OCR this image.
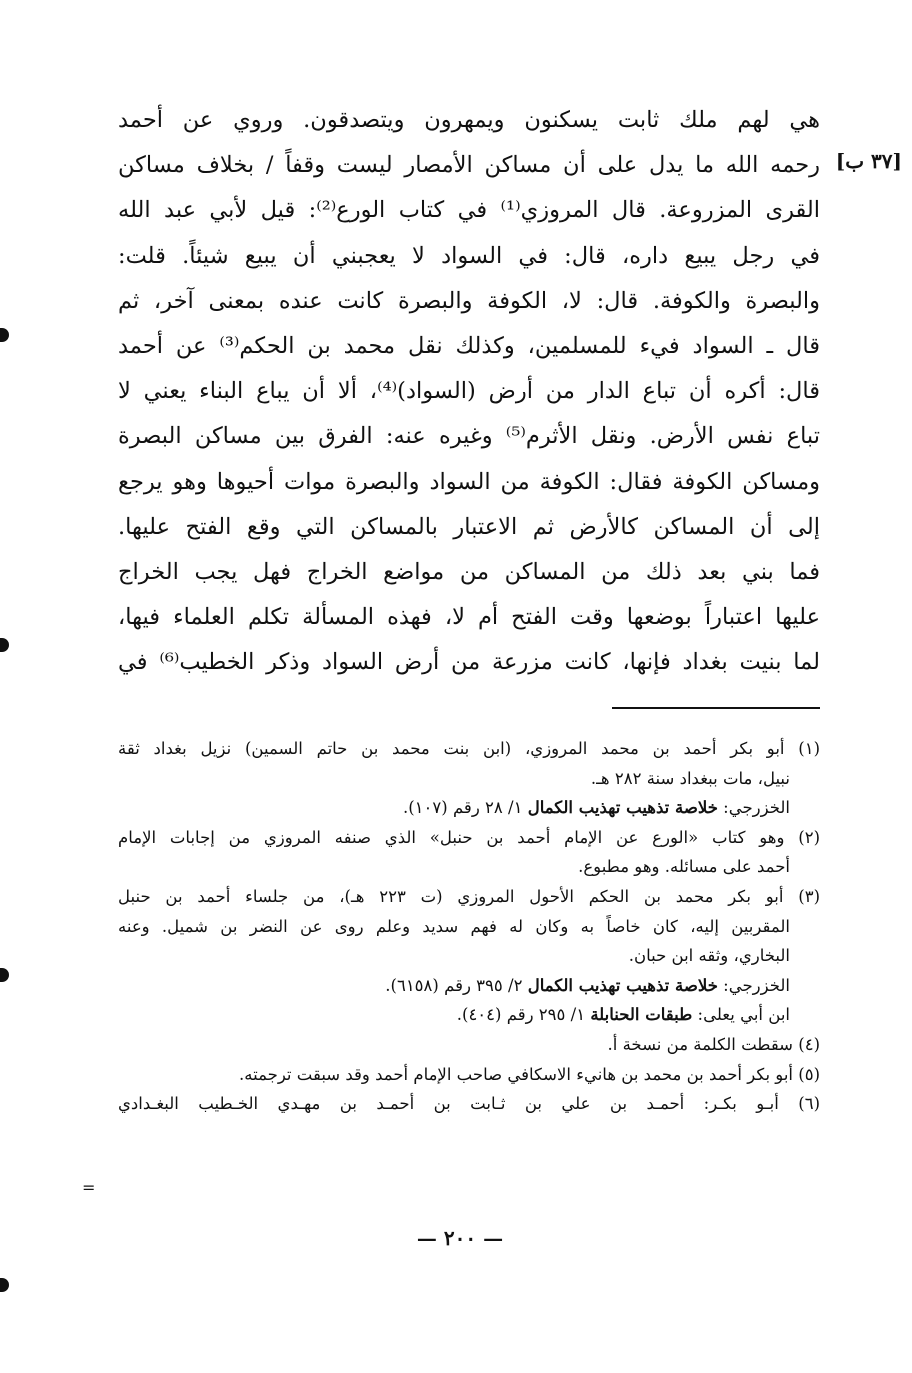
[٣٧ ب]
هي لهم ملك ثابت يسكنون ويمهرون ويتصدقون. وروي عن أحمد
رحمه الله ما يدل على أن مساكن الأمصار ليست وقفاً / بخلاف مساكن
القرى المزروعة. قال المروزي⁽¹⁾ في كتاب الورع⁽²⁾: قيل لأبي عبد الله
في رجل يبيع داره، قال: في السواد لا يعجبني أن يبيع شيئاً. قلت:
والبصرة والكوفة. قال: لا، الكوفة والبصرة كانت عنده بمعنى آخر، ثم
قال ـ السواد فيء للمسلمين، وكذلك نقل محمد بن الحكم⁽³⁾ عن أحمد
قال: أكره أن تباع الدار من أرض (السواد)⁽⁴⁾، ألا أن يباع البناء يعني لا
تباع نفس الأرض. ونقل الأثرم⁽⁵⁾ وغيره عنه: الفرق بين مساكن البصرة
ومساكن الكوفة فقال: الكوفة من السواد والبصرة موات أحيوها وهو يرجع
إلى أن المساكن كالأرض ثم الاعتبار بالمساكن التي وقع الفتح عليها.
فما بني بعد ذلك من المساكن من مواضع الخراج فهل يجب الخراج
عليها اعتباراً بوضعها وقت الفتح أم لا، فهذه المسألة تكلم العلماء فيها،
لما بنيت بغداد فإنها، كانت مزرعة من أرض السواد وذكر الخطيب⁽⁶⁾ في
(١) أبو بكر أحمد بن محمد المروزي، (ابن بنت محمد بن حاتم السمين) نزيل بغداد ثقة
نبيل، مات ببغداد سنة ٢٨٢ هـ.
الخزرجي: خلاصة تذهيب تهذيب الكمال ١/ ٢٨ رقم (١٠٧).
(٢) وهو كتاب «الورع عن الإمام أحمد بن حنبل» الذي صنفه المروزي من إجابات الإمام
أحمد على مسائله. وهو مطبوع.
(٣) أبو بكر محمد بن الحكم الأحول المروزي (ت ٢٢٣ هـ)، من جلساء أحمد بن حنبل
المقربين إليه، كان خاصاً به وكان له فهم سديد وعلم روى عن النضر بن شميل. وعنه
البخاري، وثقه ابن حبان.
الخزرجي: خلاصة تذهيب تهذيب الكمال ٢/ ٣٩٥ رقم (٦١٥٨).
ابن أبي يعلى: طبقات الحنابلة ١/ ٢٩٥ رقم (٤٠٤).
(٤) سقطت الكلمة من نسخة أ.
(٥) أبو بكر أحمد بن محمد بن هانيء الاسكافي صاحب الإمام أحمد وقد سبقت ترجمته.
(٦) أبـو بكـر: أحمـد بن علي بن ثـابت بن أحمـد بن مهـدي الخـطيب البغـدادي
=
— ٢٠٠ —
